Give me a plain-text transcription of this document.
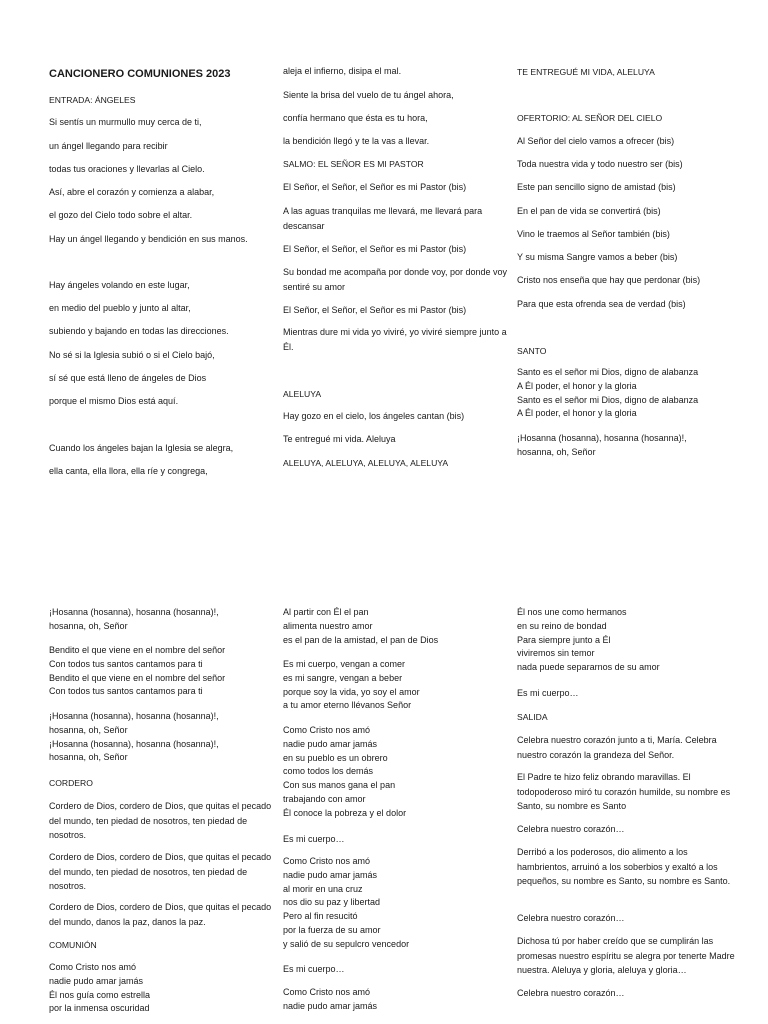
CANCIONERO COMUNIONES 2023

ENTRADA: ÁNGELES

Si sentís un murmullo muy cerca de ti,

un ángel llegando para recibir

todas tus oraciones y llevarlas al Cielo.

Así, abre el corazón y comienza a alabar,

el gozo del Cielo todo sobre el altar.

Hay un ángel llegando y bendición en sus manos.

Hay ángeles volando en este lugar,

en medio del pueblo y junto al altar,

subiendo y bajando en todas las direcciones.

No sé si la Iglesia subió o si el Cielo bajó,

sí sé que está lleno de ángeles de Dios

porque el mismo Dios está aquí.

Cuando los ángeles bajan la Iglesia se alegra,

ella canta, ella llora, ella ríe y congrega,

aleja el infierno, disipa el mal.

Siente la brisa del vuelo de tu ángel ahora,

confía hermano que ésta es tu hora,

la bendición llegó y te la vas a llevar.

SALMO: EL SEÑOR ES MI PASTOR

El Señor, el Señor, el Señor es mi Pastor (bis)

A las aguas tranquilas me llevará, me llevará para descansar

El Señor, el Señor, el Señor es mi Pastor (bis)

Su bondad me acompaña por donde voy, por donde voy sentiré su amor

El Señor, el Señor, el Señor es mi Pastor (bis)

Mientras dure mi vida yo viviré, yo viviré siempre junto a Él.

ALELUYA

Hay gozo en el cielo, los ángeles cantan (bis)

Te entregué mi vida. Aleluya

ALELUYA, ALELUYA, ALELUYA, ALELUYA

TE ENTREGUÉ MI VIDA, ALELUYA

OFERTORIO: AL SEÑOR DEL CIELO

Al Señor del cielo vamos a ofrecer (bis)

Toda nuestra vida y todo nuestro ser (bis)

Este pan sencillo signo de amistad (bis)

En el pan de vida se convertirá (bis)

Vino le traemos al Señor también (bis)

Y su misma Sangre vamos a beber (bis)

Cristo nos enseña que hay que perdonar (bis)

Para que esta ofrenda sea de verdad (bis)

SANTO

Santo es el señor mi Dios, digno de alabanza

A Él poder, el honor y la gloria

Santo es el señor mi Dios, digno de alabanza

A Él poder, el honor y la gloria

¡Hosanna (hosanna), hosanna (hosanna)!,

hosanna, oh, Señor

¡Hosanna (hosanna), hosanna (hosanna)!,

hosanna, oh, Señor

Bendito el que viene en el nombre del señor

Con todos tus santos cantamos para ti

Bendito el que viene en el nombre del señor

Con todos tus santos cantamos para ti

¡Hosanna (hosanna), hosanna (hosanna)!,

hosanna, oh, Señor

¡Hosanna (hosanna), hosanna (hosanna)!,

hosanna, oh, Señor

CORDERO

Cordero de Dios, cordero de Dios, que quitas el pecado del mundo, ten piedad de nosotros, ten piedad de nosotros.

Cordero de Dios, cordero de Dios, que quitas el pecado del mundo, ten piedad de nosotros, ten piedad de nosotros.

Cordero de Dios, cordero de Dios, que quitas el pecado del mundo, danos la paz, danos la paz.

COMUNIÓN

Como Cristo nos amó

nadie pudo amar jamás

Él nos guía como estrella

por la inmensa oscuridad

Al partir con Él el pan

alimenta nuestro amor

es el pan de la amistad, el pan de Dios

Es mi cuerpo, vengan a comer

es mi sangre, vengan a beber

porque soy la vida, yo soy el amor

a tu amor eterno llévanos Señor

Como Cristo nos amó

nadie pudo amar jamás

en su pueblo es un obrero

como todos los demás

Con sus manos gana el pan

trabajando con amor

Él conoce la pobreza y el dolor

Es mi cuerpo…

Como Cristo nos amó

nadie pudo amar jamás

al morir en una cruz

nos dio su paz y libertad

Pero al fin resucitó

por la fuerza de su amor

y salió de su sepulcro vencedor

Es mi cuerpo…

Como Cristo nos amó

nadie pudo amar jamás

Él nos une como hermanos

en su reino de bondad

Para siempre junto a Él

viviremos sin temor

nada puede separarnos de su amor

Es mi cuerpo…

SALIDA

Celebra nuestro corazón junto a ti, María. Celebra nuestro corazón la grandeza del Señor.

El Padre te hizo feliz obrando maravillas. El todopoderoso miró tu corazón humilde, su nombre es Santo, su nombre es Santo

Celebra nuestro corazón…

Derribó a los poderosos, dio alimento a los hambrientos, arruinó a los soberbios y exaltó a los pequeños, su nombre es Santo, su nombre es Santo.

Celebra nuestro corazón…

Dichosa tú por haber creído que se cumplirán las promesas nuestro espíritu se alegra por tenerte Madre nuestra. Aleluya y gloria, aleluya y gloria…

Celebra nuestro corazón…
